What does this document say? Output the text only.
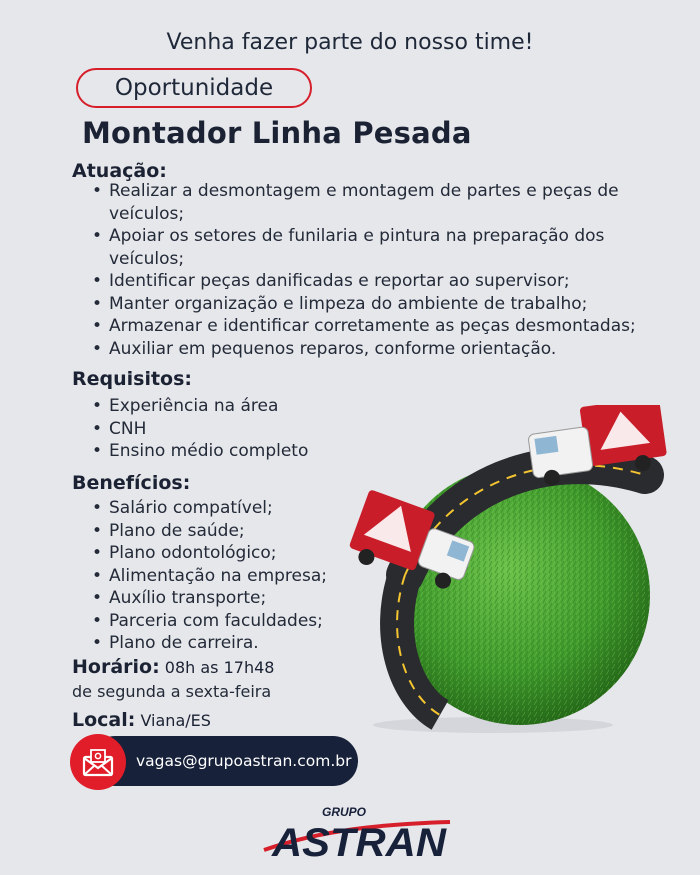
Venha fazer parte do nosso time!
Oportunidade
Montador Linha Pesada
Atuação:
• Realizar a desmontagem e montagem de partes e peças de veículos;
• Apoiar os setores de funilaria e pintura na preparação dos veículos;
• Identificar peças danificadas e reportar ao supervisor;
• Manter organização e limpeza do ambiente de trabalho;
• Armazenar e identificar corretamente as peças desmontadas;
• Auxiliar em pequenos reparos, conforme orientação.
Requisitos:
• Experiência na área
• CNH
• Ensino médio completo
Benefícios:
• Salário compatível;
• Plano de saúde;
• Plano odontológico;
• Alimentação na empresa;
• Auxílio transporte;
• Parceria com faculdades;
• Plano de carreira.
Horário: 08h as 17h48
de segunda a sexta-feira
Local: Viana/ES
vagas@grupoastran.com.br
GRUPO
ASTRAN
